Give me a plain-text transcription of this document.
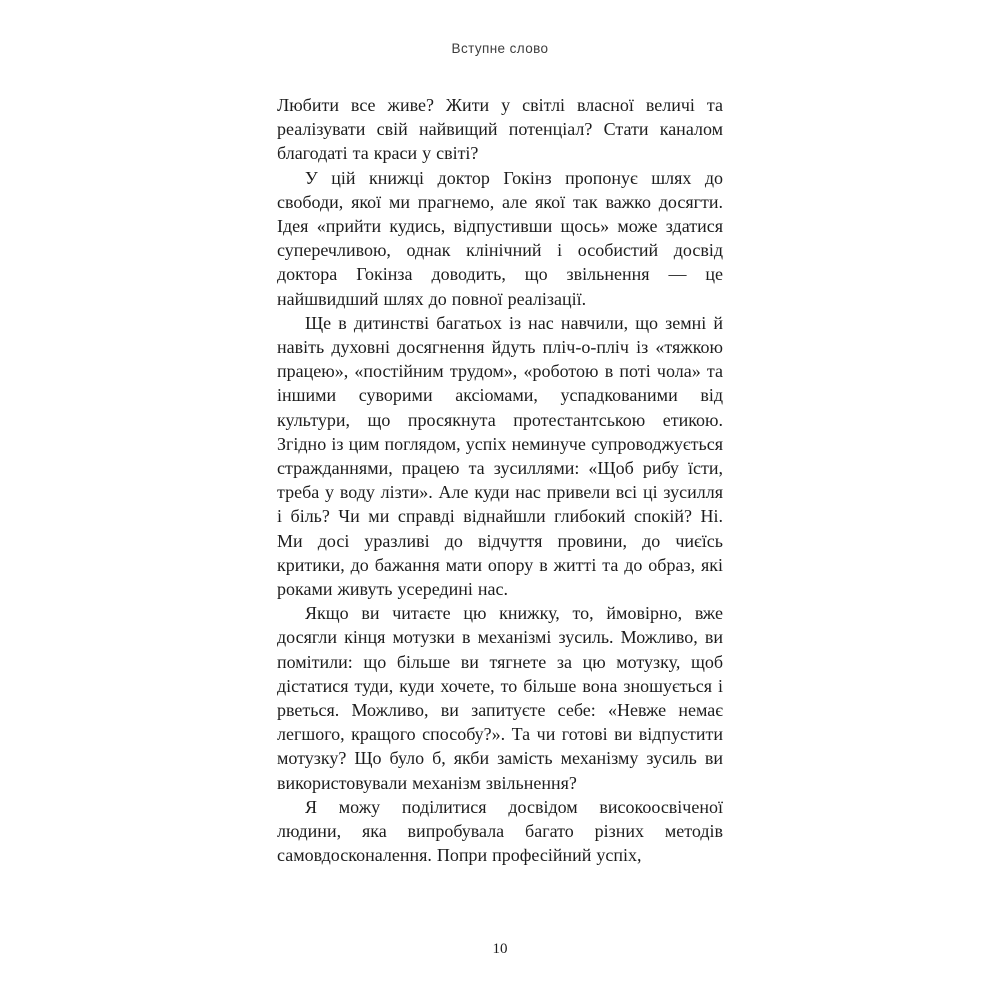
Вступне слово

Любити все живе? Жити у світлі власної величі та реалізувати свій найвищий потенціал? Стати каналом благодаті та краси у світі?

У цій книжці доктор Гокінз пропонує шлях до свободи, якої ми прагнемо, але якої так важко досягти. Ідея «прийти кудись, відпустивши щось» може здатися суперечливою, однак клінічний і особистий досвід доктора Гокінза доводить, що звільнення — це найшвидший шлях до повної реалізації.

Ще в дитинстві багатьох із нас навчили, що земні й навіть духовні досягнення йдуть пліч-о-пліч із «тяжкою працею», «постійним трудом», «роботою в поті чола» та іншими суворими аксіомами, успадкованими від культури, що просякнута протестантською етикою. Згідно із цим поглядом, успіх неминуче супроводжується стражданнями, працею та зусиллями: «Щоб рибу їсти, треба у воду лізти». Але куди нас привели всі ці зусилля і біль? Чи ми справді віднайшли глибокий спокій? Ні. Ми досі уразливі до відчуття провини, до чиєїсь критики, до бажання мати опору в житті та до образ, які роками живуть усередині нас.

Якщо ви читаєте цю книжку, то, ймовірно, вже досягли кінця мотузки в механізмі зусиль. Можливо, ви помітили: що більше ви тягнете за цю мотузку, щоб дістатися туди, куди хочете, то більше вона зношується і рветься. Можливо, ви запитуєте себе: «Невже немає легшого, кращого способу?». Та чи готові ви відпустити мотузку? Що було б, якби замість механізму зусиль ви використовували механізм звільнення?

Я можу поділитися досвідом високоосвіченої людини, яка випробувала багато різних методів самовдосконалення. Попри професійний успіх,

10
